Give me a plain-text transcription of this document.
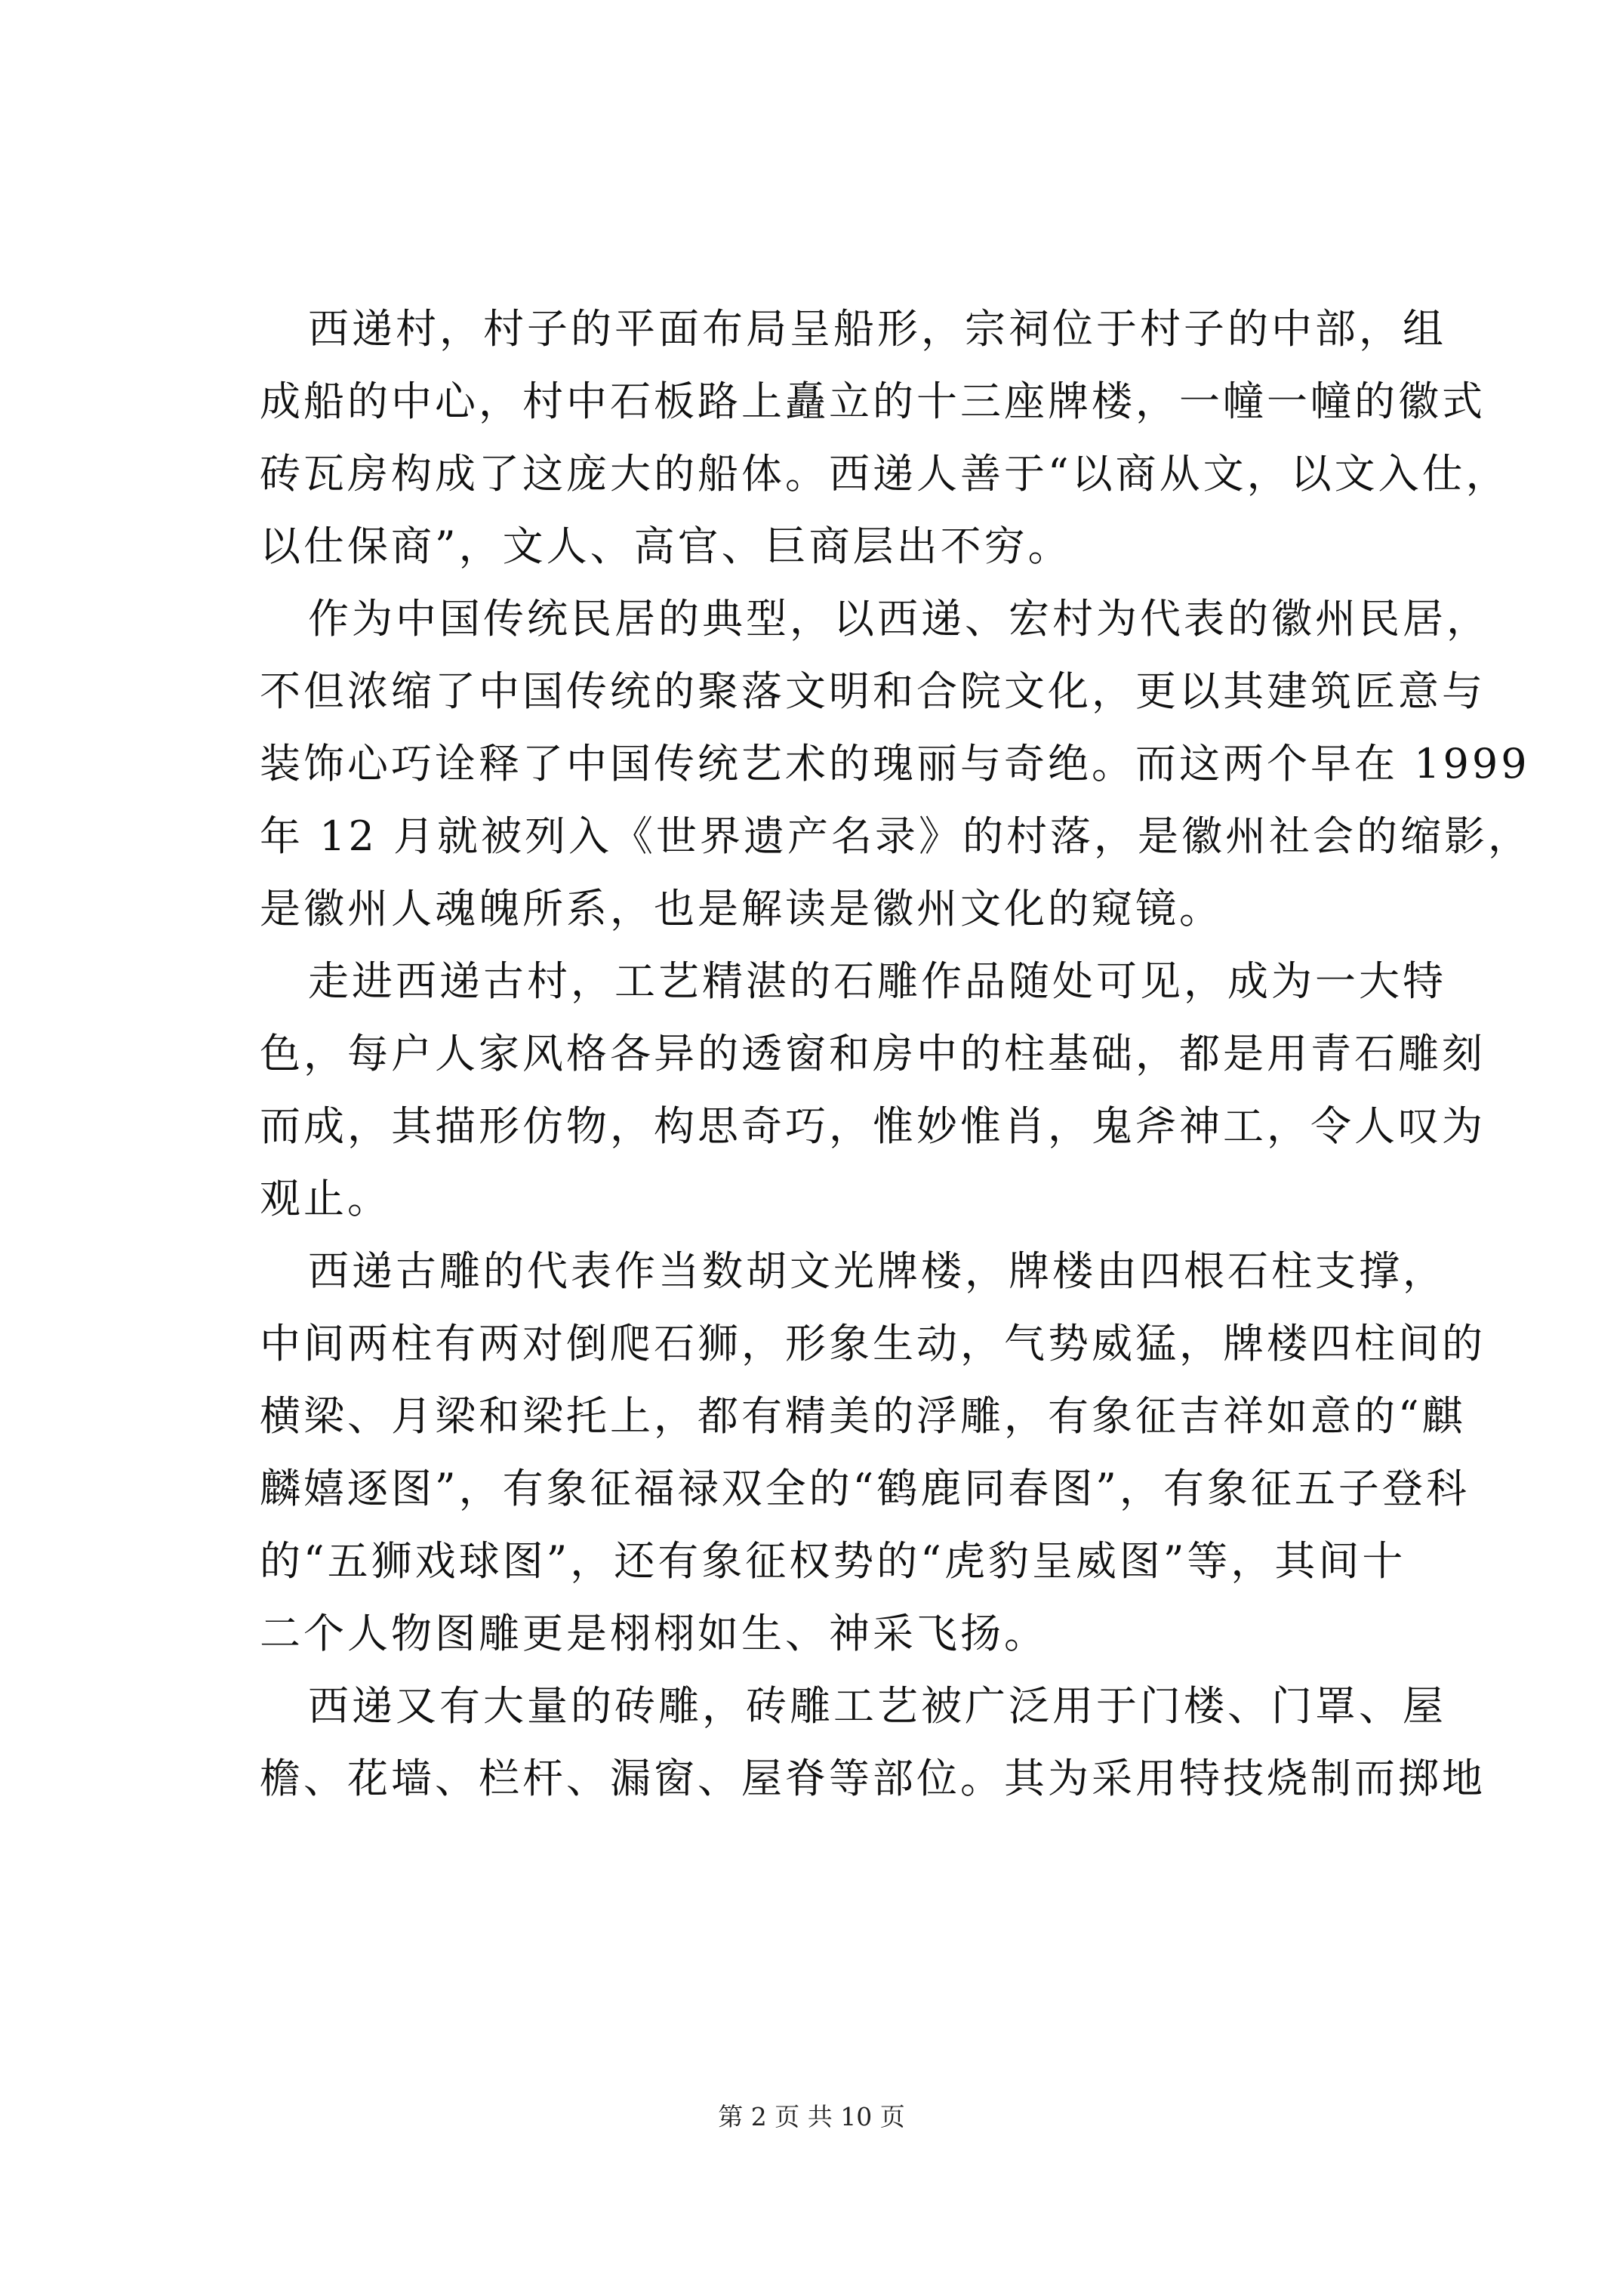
西递村，村子的平面布局呈船形，宗祠位于村子的中部，组
成船的中心，村中石板路上矗立的十三座牌楼，一幢一幢的徽式
砖瓦房构成了这庞大的船体。西递人善于“以商从文，以文入仕，
以仕保商”，文人、高官、巨商层出不穷。
作为中国传统民居的典型，以西递、宏村为代表的徽州民居，
不但浓缩了中国传统的聚落文明和合院文化，更以其建筑匠意与
装饰心巧诠释了中国传统艺术的瑰丽与奇绝。而这两个早在 1999
年 12 月就被列入《世界遗产名录》的村落，是徽州社会的缩影，
是徽州人魂魄所系，也是解读是徽州文化的窥镜。
走进西递古村，工艺精湛的石雕作品随处可见，成为一大特
色，每户人家风格各异的透窗和房中的柱基础，都是用青石雕刻
而成，其描形仿物，构思奇巧，惟妙惟肖，鬼斧神工，令人叹为
观止。
西递古雕的代表作当数胡文光牌楼，牌楼由四根石柱支撑，
中间两柱有两对倒爬石狮，形象生动，气势威猛，牌楼四柱间的
横梁、月梁和梁托上，都有精美的浮雕，有象征吉祥如意的“麒
麟嬉逐图”，有象征福禄双全的“鹤鹿同春图”，有象征五子登科
的“五狮戏球图”，还有象征权势的“虎豹呈威图”等，其间十
二个人物图雕更是栩栩如生、神采飞扬。
西递又有大量的砖雕，砖雕工艺被广泛用于门楼、门罩、屋
檐、花墙、栏杆、漏窗、屋脊等部位。其为采用特技烧制而掷地
第 2 页 共 10 页
